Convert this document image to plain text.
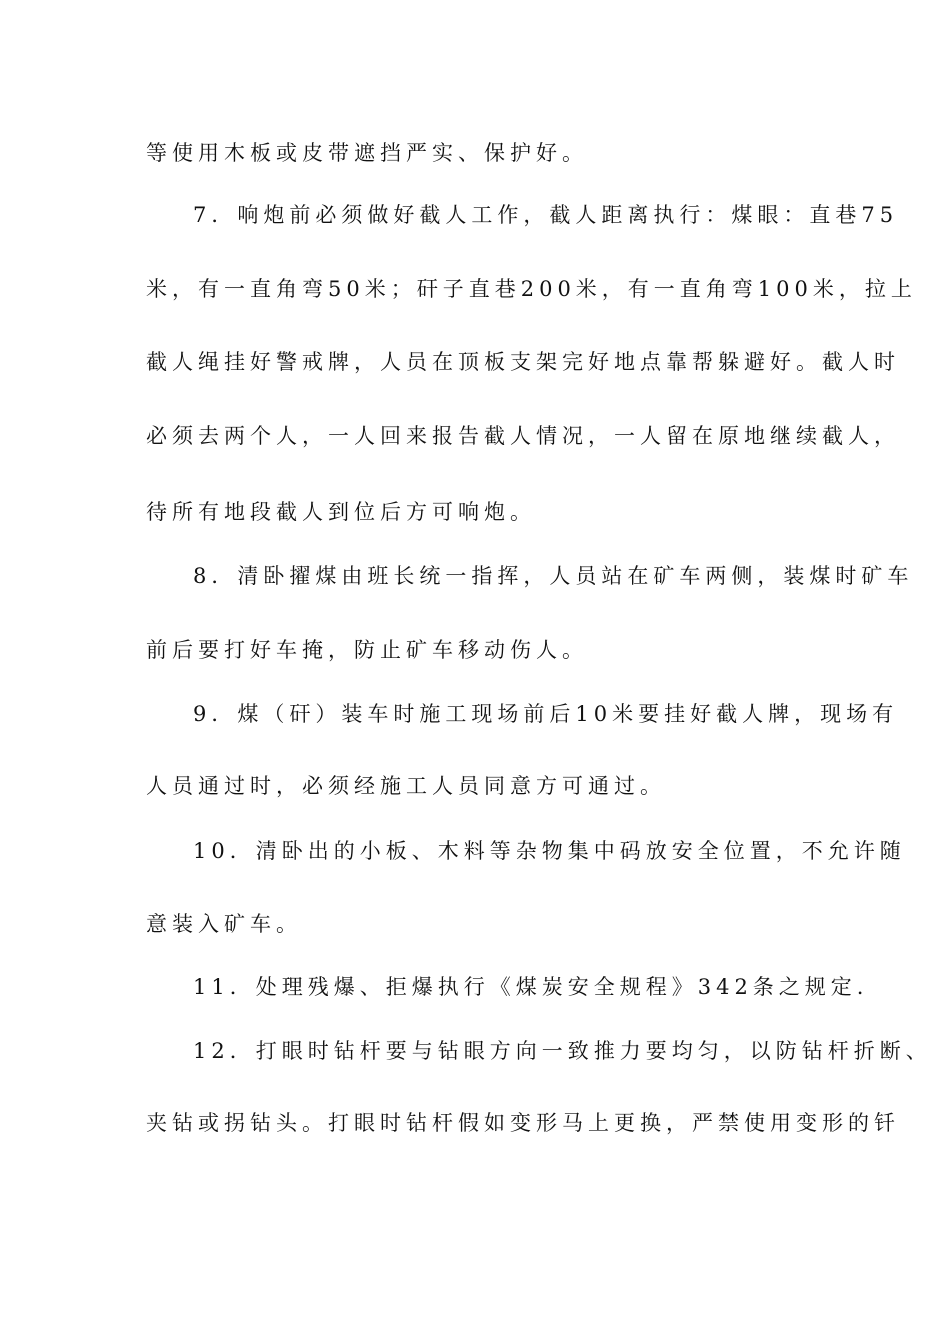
等使用木板或皮带遮挡严实、保护好。
7．响炮前必须做好截人工作，截人距离执行：煤眼：直巷75
米，有一直角弯50米；矸子直巷200米，有一直角弯100米，拉上
截人绳挂好警戒牌，人员在顶板支架完好地点靠帮躲避好。截人时
必须去两个人，一人回来报告截人情况，一人留在原地继续截人，
待所有地段截人到位后方可响炮。
8．清卧擢煤由班长统一指挥，人员站在矿车两侧，装煤时矿车
前后要打好车掩，防止矿车移动伤人。
9．煤（矸）装车时施工现场前后10米要挂好截人牌，现场有
人员通过时，必须经施工人员同意方可通过。
10．清卧出的小板、木料等杂物集中码放安全位置，不允许随
意装入矿车。
11．处理残爆、拒爆执行《煤炭安全规程》342条之规定.
12．打眼时钻杆要与钻眼方向一致推力要均匀，以防钻杆折断、
夹钻或拐钻头。打眼时钻杆假如变形马上更换，严禁使用变形的钎
